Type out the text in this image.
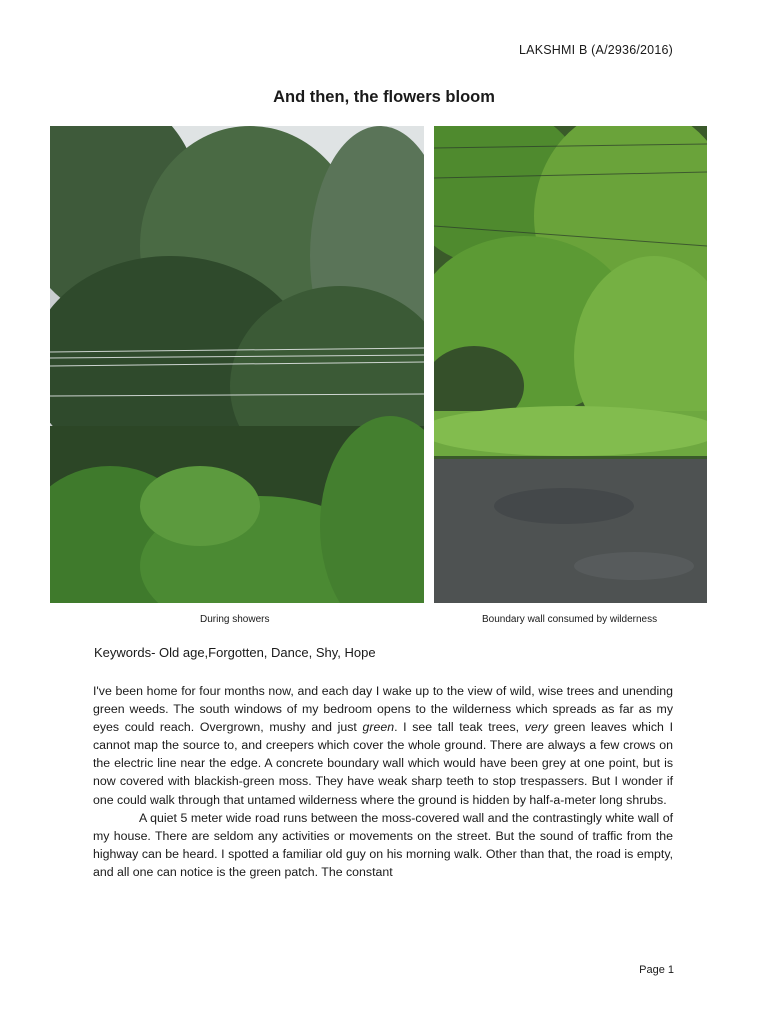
LAKSHMI B (A/2936/2016)
And then, the flowers bloom
During showers	Boundary wall consumed by wilderness
Keywords- Old age,Forgotten, Dance, Shy, Hope

I've been home for four months now, and each day I wake up to the view of wild, wise trees and unending green weeds. The south windows of my bedroom opens to the wilderness which spreads as far as my eyes could reach. Overgrown, mushy and just green. I see tall teak trees, very green leaves which I cannot map the source to, and creepers which cover the whole ground. There are always a few crows on the electric line near the edge. A concrete boundary wall which would have been grey at one point, but is now covered with blackish-green moss. They have weak sharp teeth to stop trespassers. But I wonder if one could walk through that untamed wilderness where the ground is hidden by half-a-meter long shrubs.

A quiet 5 meter wide road runs between the moss-covered wall and the contrastingly white wall of my house. There are seldom any activities or movements on the street. But the sound of traffic from the highway can be heard. I spotted a familiar old guy on his morning walk. Other than that, the road is empty, and all one can notice is the green patch. The constant

Page 1
